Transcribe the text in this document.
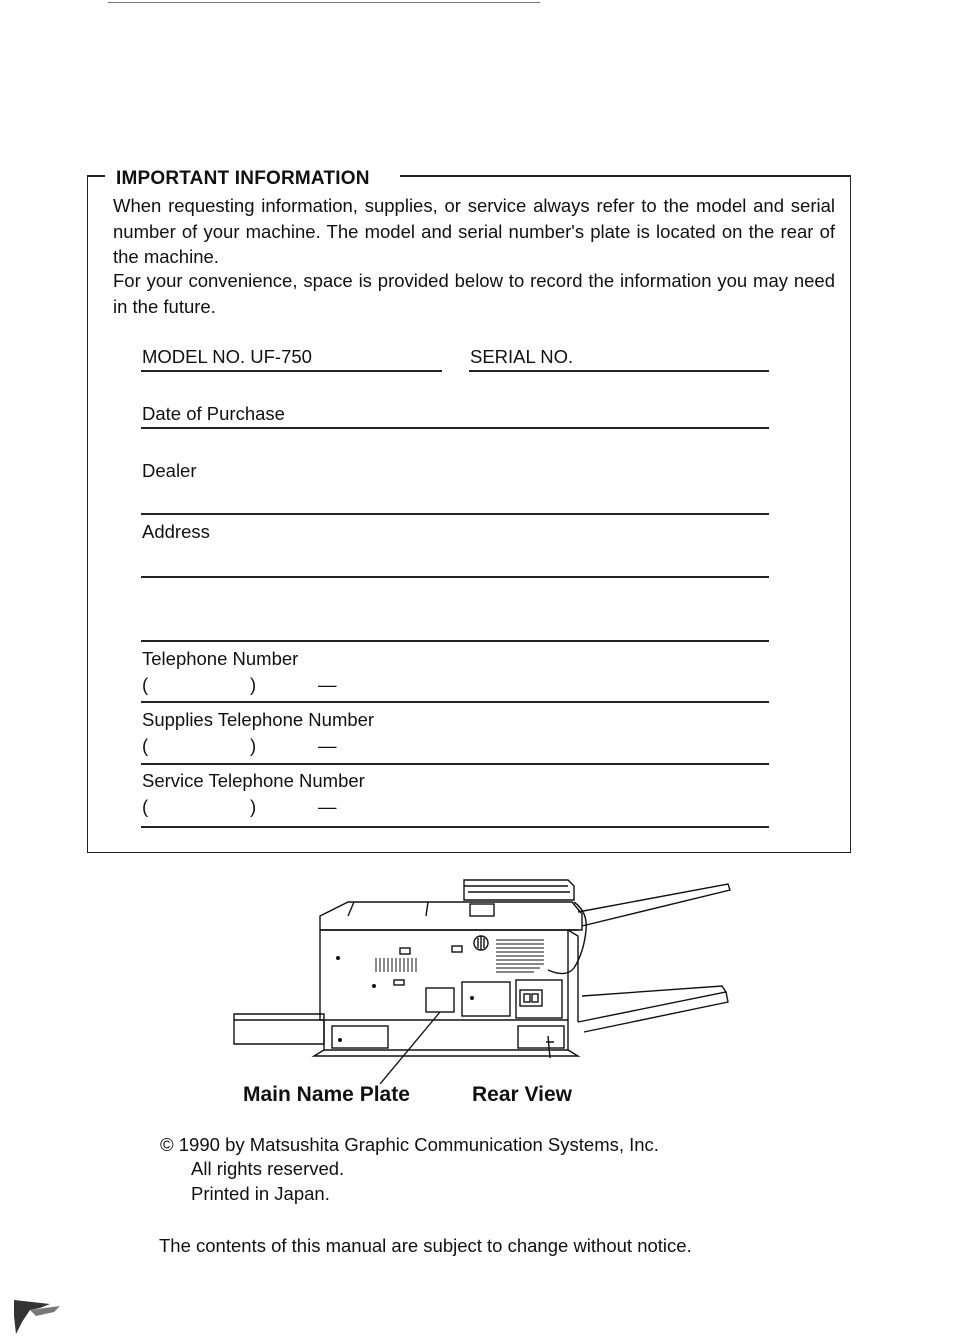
IMPORTANT INFORMATION
When requesting information, supplies, or service always refer to the model and serial number of your machine. The model and serial number's plate is located on the rear of the machine.
For your convenience, space is provided below to record the information you may need in the future.
MODEL NO. UF-750	SERIAL NO.
Date of Purchase
Dealer
Address
Telephone Number
(	)	—
Supplies Telephone Number
(	)	—
Service Telephone Number
(	)	—
Main Name Plate	Rear View
© 1990 by Matsushita Graphic Communication Systems, Inc.
All rights reserved.
Printed in Japan.
The contents of this manual are subject to change without notice.
